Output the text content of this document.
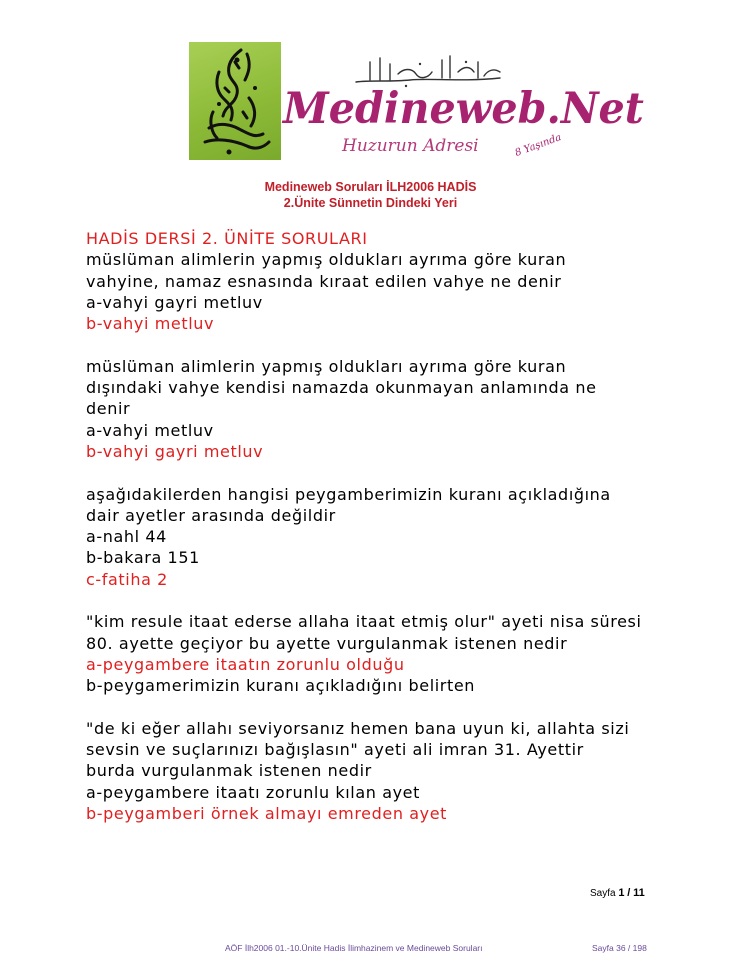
Medineweb.Net
Huzurun Adresi	8 Yaşında
Medineweb Soruları İLH2006 HADİS
2.Ünite Sünnetin Dindeki Yeri
HADİS DERSİ 2. ÜNİTE SORULARI
müslüman alimlerin yapmış oldukları ayrıma göre kuran
vahyine, namaz esnasında kıraat edilen vahye ne denir
a-vahyi gayri metluv
b-vahyi metluv
müslüman alimlerin yapmış oldukları ayrıma göre kuran
dışındaki vahye kendisi namazda okunmayan anlamında ne
denir
a-vahyi metluv
b-vahyi gayri metluv
aşağıdakilerden hangisi peygamberimizin kuranı açıkladığına
dair ayetler arasında değildir
a-nahl 44
b-bakara 151
c-fatiha 2
"kim resule itaat ederse allaha itaat etmiş olur" ayeti nisa süresi
80. ayette geçiyor bu ayette vurgulanmak istenen nedir
a-peygambere itaatın zorunlu olduğu
b-peygamerimizin kuranı açıkladığını belirten
"de ki eğer allahı seviyorsanız hemen bana uyun ki, allahta sizi
sevsin ve suçlarınızı bağışlasın" ayeti ali imran 31. Ayettir
burda vurgulanmak istenen nedir
a-peygambere itaatı zorunlu kılan ayet
b-peygamberi örnek almayı emreden ayet
Sayfa 1 / 11
AÖF İlh2006 01.-10.Ünite Hadis İlimhazinem ve Medineweb Soruları	Sayfa 36 / 198
